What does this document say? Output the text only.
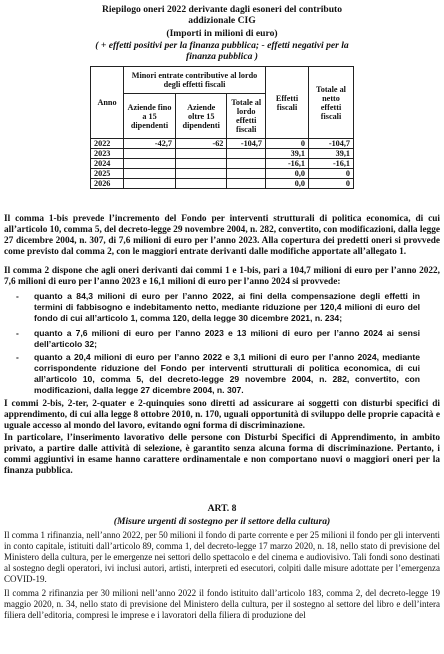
Riepilogo oneri 2022 derivante dagli esoneri del contributo
addizionale CIG
(Importi in milioni di euro)
( + effetti positivi per la finanza pubblica; - effetti negativi per la
finanza pubblica )
Anno	Minori entrate contributive al lordo degli effetti fiscali			Effetti fiscali	Totale al netto effetti fiscali
	Aziende fino a 15 dipendenti	Aziende oltre 15 dipendenti	Totale al lordo effetti fiscali		
2022	-42,7	-62	-104,7	0	-104,7
2023				39,1	39,1
2024				-16,1	-16,1
2025				0,0	0
2026				0,0	0
Il comma 1-bis prevede l’incremento del Fondo per interventi strutturali di politica economica, di cui all’articolo 10, comma 5, del decreto-legge 29 novembre 2004, n. 282, convertito, con modificazioni, dalla legge 27 dicembre 2004, n. 307, di 7,6 milioni di euro per l’anno 2023. Alla copertura dei predetti oneri si provvede come previsto dal comma 2, con le maggiori entrate derivanti dalle modifiche apportate all’allegato 1.
Il comma 2 dispone che agli oneri derivanti dai commi 1 e 1-bis, pari a 104,7 milioni di euro per l’anno 2022, 7,6 milioni di euro per l’anno 2023 e 16,1 milioni di euro per l’anno 2024 si provvede:
- quanto a 84,3 milioni di euro per l’anno 2022, ai fini della compensazione degli effetti in termini di fabbisogno e indebitamento netto, mediante riduzione per 120,4 milioni di euro del fondo di cui all’articolo 1, comma 120, della legge 30 dicembre 2021, n. 234;
- quanto a 7,6 milioni di euro per l’anno 2023 e 13 milioni di euro per l’anno 2024 ai sensi dell’articolo 32;
- quanto a 20,4 milioni di euro per l’anno 2022 e 3,1 milioni di euro per l’anno 2024, mediante corrispondente riduzione del Fondo per interventi strutturali di politica economica, di cui all’articolo 10, comma 5, del decreto-legge 29 novembre 2004, n. 282, convertito, con modificazioni, dalla legge 27 dicembre 2004, n. 307.
I commi 2-bis, 2-ter, 2-quater e 2-quinquies sono diretti ad assicurare ai soggetti con disturbi specifici di apprendimento, di cui alla legge 8 ottobre 2010, n. 170, uguali opportunità di sviluppo delle proprie capacità e uguale accesso al mondo del lavoro, evitando ogni forma di discriminazione.
In particolare, l’inserimento lavorativo delle persone con Disturbi Specifici di Apprendimento, in ambito privato, a partire dalle attività di selezione, è garantito senza alcuna forma di discriminazione. Pertanto, i commi aggiuntivi in esame hanno carattere ordinamentale e non comportano nuovi o maggiori oneri per la finanza pubblica.
ART. 8
(Misure urgenti di sostegno per il settore della cultura)
Il comma 1 rifinanzia, nell’anno 2022, per 50 milioni il fondo di parte corrente e per 25 milioni il fondo per gli interventi in conto capitale, istituiti dall’articolo 89, comma 1, del decreto-legge 17 marzo 2020, n. 18, nello stato di previsione del Ministero della cultura, per le emergenze nei settori dello spettacolo e del cinema e audiovisivo. Tali fondi sono destinati al sostegno degli operatori, ivi inclusi autori, artisti, interpreti ed esecutori, colpiti dalle misure adottate per l’emergenza COVID-19.
Il comma 2 rifinanzia per 30 milioni nell’anno 2022 il fondo istituito dall’articolo 183, comma 2, del decreto-legge 19 maggio 2020, n. 34, nello stato di previsione del Ministero della cultura, per il sostegno al settore del libro e dell’intera filiera dell’editoria, compresi le imprese e i lavoratori della filiera di produzione del
